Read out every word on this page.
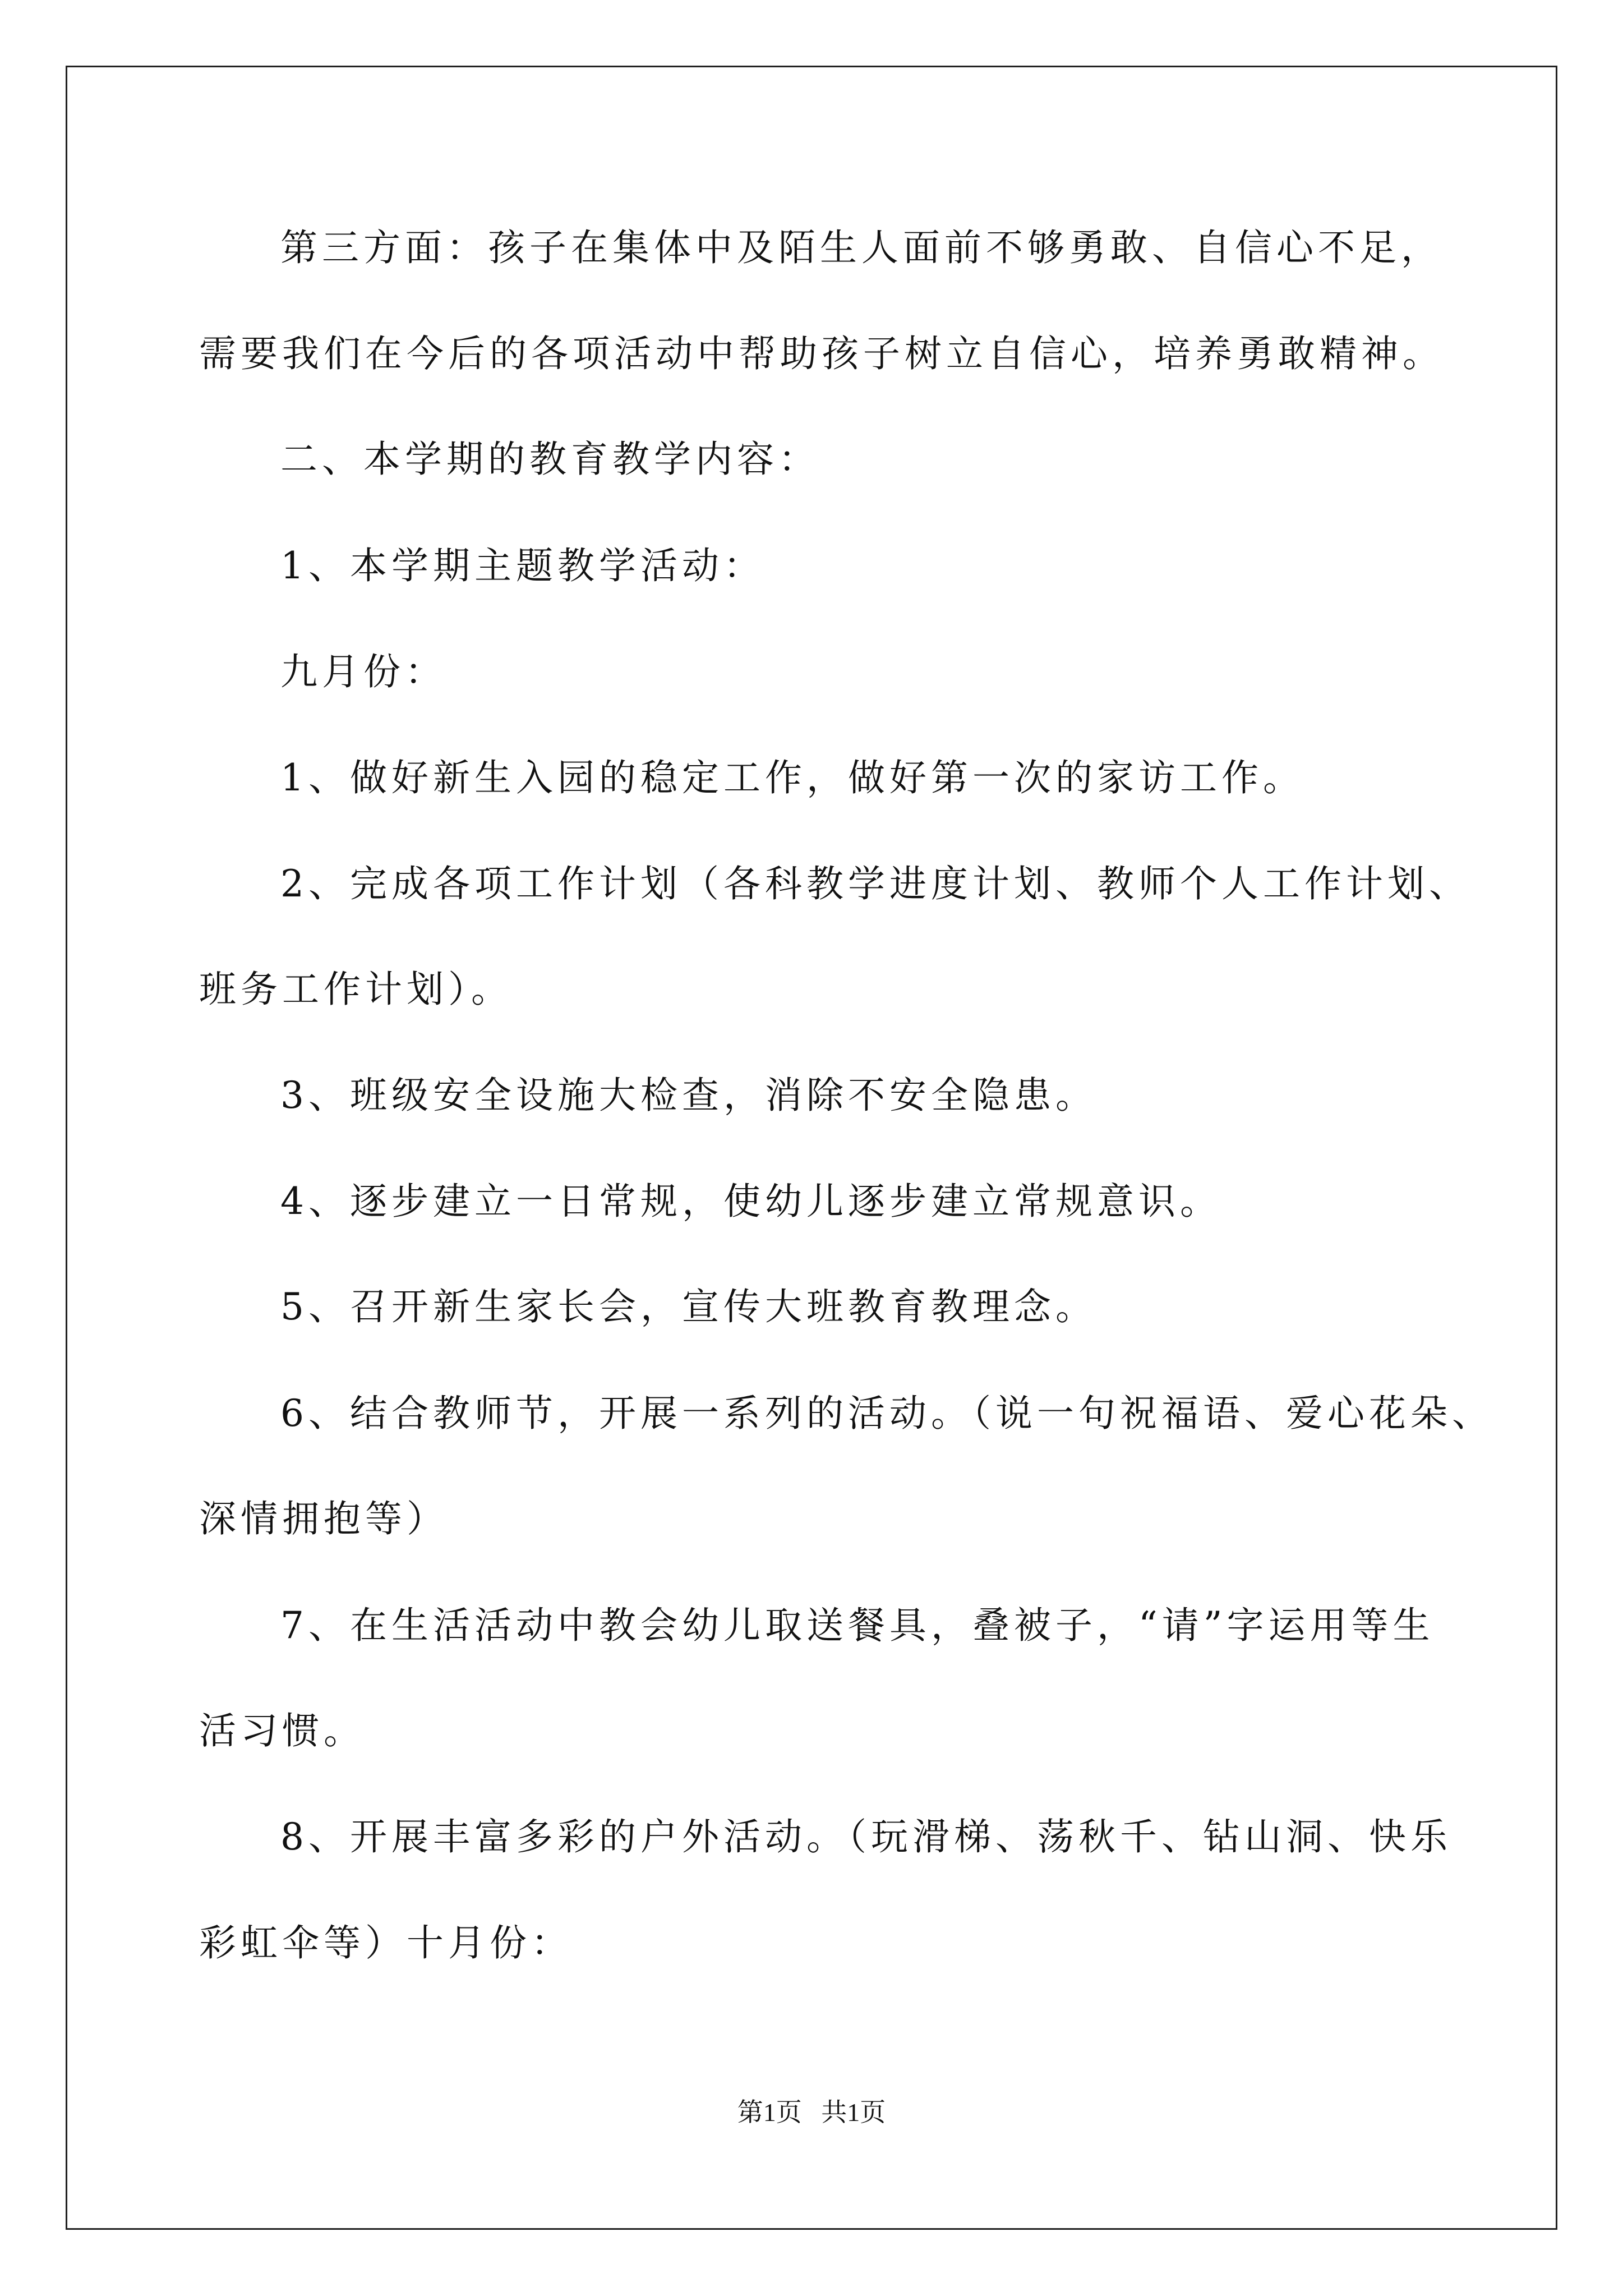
第三方面：孩子在集体中及陌生人面前不够勇敢、自信心不足，
需要我们在今后的各项活动中帮助孩子树立自信心，培养勇敢精神。
二、本学期的教育教学内容：
1、本学期主题教学活动：
九月份：
1、做好新生入园的稳定工作，做好第一次的家访工作。
2、完成各项工作计划（各科教学进度计划、教师个人工作计划、
班务工作计划）。
3、班级安全设施大检查，消除不安全隐患。
4、逐步建立一日常规，使幼儿逐步建立常规意识。
5、召开新生家长会，宣传大班教育教理念。
6、结合教师节，开展一系列的活动。（说一句祝福语、爱心花朵、
深情拥抱等）
7、在生活活动中教会幼儿取送餐具，叠被子，“请”字运用等生
活习惯。
8、开展丰富多彩的户外活动。（玩滑梯、荡秋千、钻山洞、快乐
彩虹伞等）十月份：
第1页   共1页
